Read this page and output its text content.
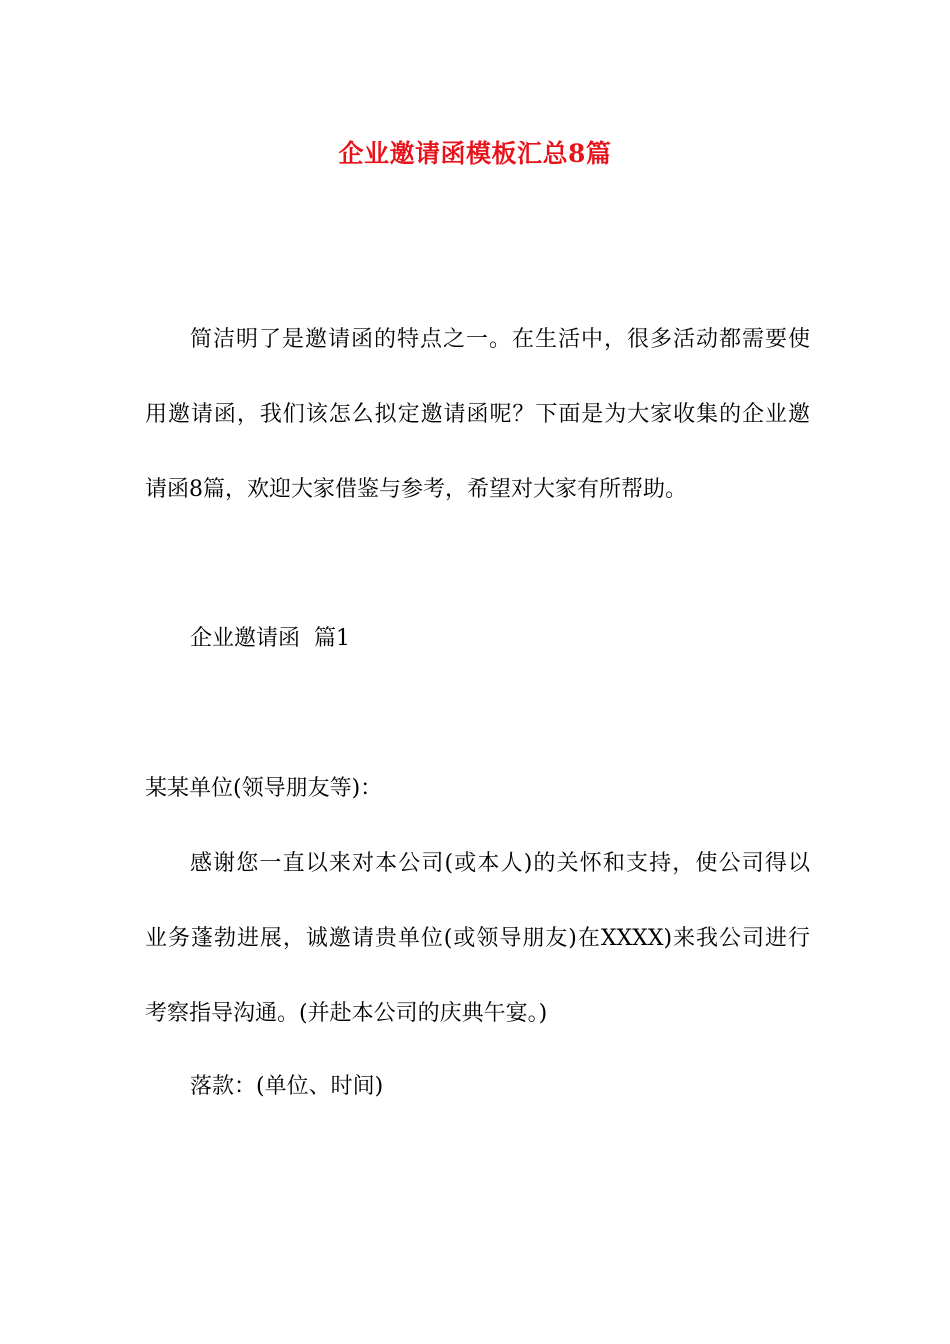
企业邀请函模板汇总8篇

简洁明了是邀请函的特点之一。在生活中，很多活动都需要使

用邀请函，我们该怎么拟定邀请函呢？下面是为大家收集的企业邀

请函8篇，欢迎大家借鉴与参考，希望对大家有所帮助。

企业邀请函  篇1

某某单位(领导朋友等)：

感谢您一直以来对本公司(或本人)的关怀和支持，使公司得以

业务蓬勃进展，诚邀请贵单位(或领导朋友)在XXXX)来我公司进行

考察指导沟通。(并赴本公司的庆典午宴。)

落款：(单位、时间)
